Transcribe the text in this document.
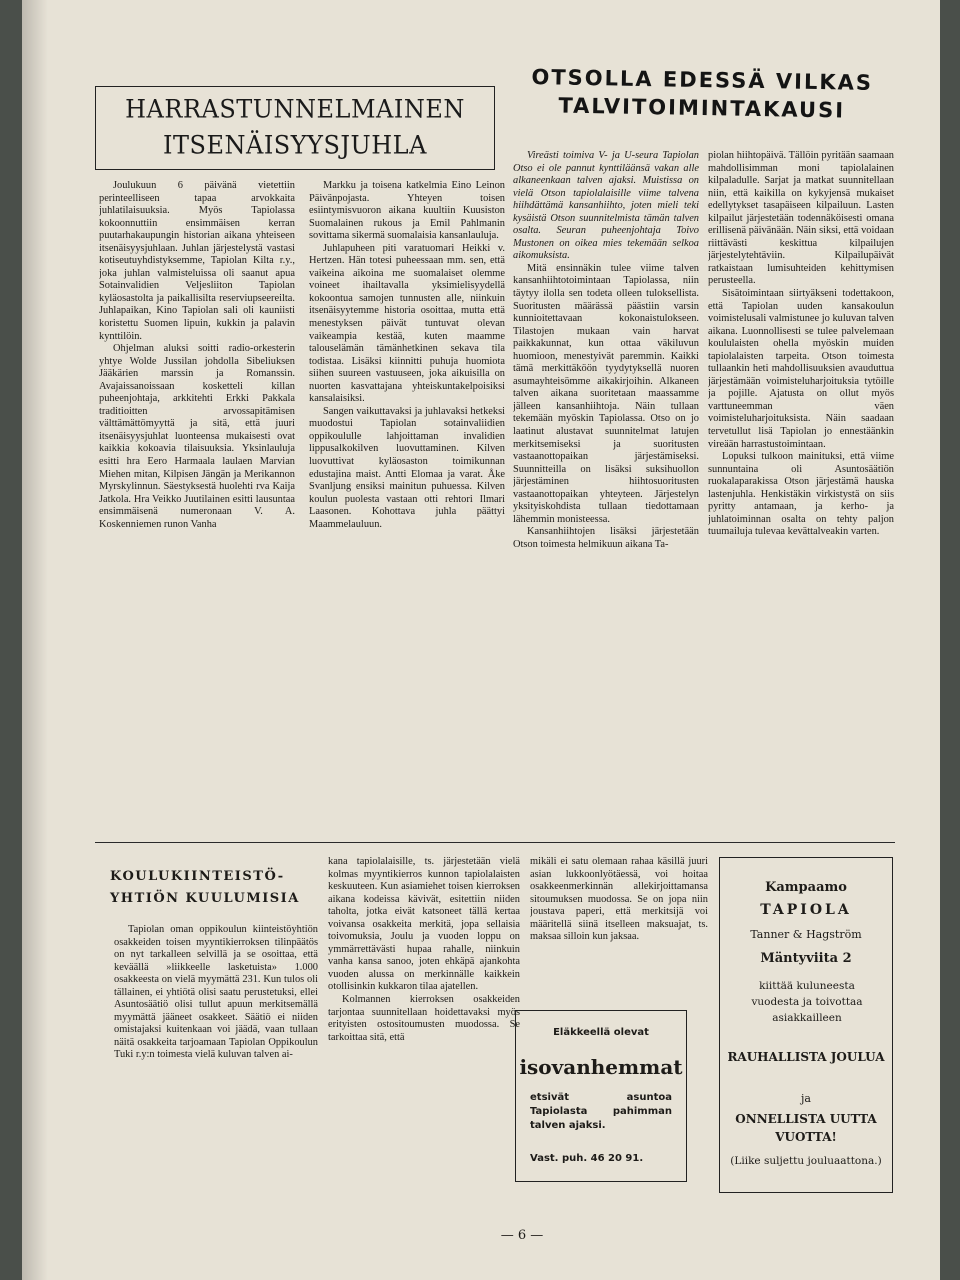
HARRASTUNNELMAINEN
ITSENÄISYYSJUHLA

Joulukuun 6 päivänä vietettiin perinteelliseen tapaa arvokkaita juhlatilaisuuksia. Myös Tapiolassa kokoonnuttiin ensimmäisen kerran puutarhakaupungin historian aikana yhteiseen itsenäisyysjuhlaan. Juhlan järjestelystä vastasi kotiseutuyhdistyksemme, Tapiolan Kilta r.y., joka juhlan valmisteluissa oli saanut apua Sotainvalidien Veljesliiton Tapiolan kyläosastolta ja paikallisilta reserviupseereilta. Juhlapaikan, Kino Tapiolan sali oli kauniisti koristettu Suomen lipuin, kukkin ja palavin kynttilöin.

Ohjelman aluksi soitti radio-orkesterin yhtye Wolde Jussilan johdolla Sibeliuksen Jääkärien marssin ja Romanssin. Avajaissanoissaan kosketteli killan puheenjohtaja, arkkitehti Erkki Pakkala traditioitten arvossapitämisen välttämättömyyttä ja sitä, että juuri itsenäisyysjuhlat luonteensa mukaisesti ovat kaikkia kokoavia tilaisuuksia. Yksinlauluja esitti hra Eero Harmaala laulaen Marvian Miehen mitan, Kilpisen Jängän ja Merikannon Myrskylinnun. Säestyksestä huolehti rva Kaija Jatkola. Hra Veikko Juutilainen esitti lausuntaa ensimmäisenä numeronaan V. A. Koskenniemen runon Vanha

Markku ja toisena katkelmia Eino Leinon Päivänpojasta. Yhteyen toisen esiintymisvuoron aikana kuultiin Kuusiston Suomalainen rukous ja Emil Pahlmanin sovittama sikermä suomalaisia kansanlauluja.

Juhlapuheen piti varatuomari Heikki v. Hertzen. Hän totesi puheessaan mm. sen, että vaikeina aikoina me suomalaiset olemme voineet ihailtavalla yksimielisyydellä kokoontua samojen tunnusten alle, niinkuin itsenäisyytemme historia osoittaa, mutta että menestyksen päivät tuntuvat olevan vaikeampia kestää, kuten maamme talouselämän tämänhetkinen sekava tila todistaa. Lisäksi kiinnitti puhuja huomiota siihen suureen vastuuseen, joka aikuisilla on nuorten kasvattajana yhteiskuntakelpoisiksi kansalaisiksi.

Sangen vaikuttavaksi ja juhlavaksi hetkeksi muodostui Tapiolan sotainvaliidien oppikoululle lahjoittaman invalidien lippusalkokilven luovuttaminen. Kilven luovuttivat kyläosaston toimikunnan edustajina maist. Antti Elomaa ja varat. Åke Svanljung ensiksi mainitun puhuessa. Kilven koulun puolesta vastaan otti rehtori Ilmari Laasonen. Kohottava juhla päättyi Maammelauluun.

OTSOLLA EDESSÄ VILKAS
TALVITOIMINTAKAUSI

Vireästi toimiva V- ja U-seura Tapiolan Otso ei ole pannut kynttiläänsä vakan alle alkaneenkaan talven ajaksi. Muistissa on vielä Otson tapiolalaisille viime talvena hiihdättämä kansanhiihto, joten mieli teki kysäistä Otson suunnitelmista tämän talven osalta. Seuran puheenjohtaja Toivo Mustonen on oikea mies tekemään selkoa aikomuksista.

Mitä ensinnäkin tulee viime talven kansanhiihtotoimintaan Tapiolassa, niin täytyy ilolla sen todeta olleen tuloksellista. Suoritusten määrässä päästiin varsin kunnioitettavaan kokonaistulokseen. Tilastojen mukaan vain harvat paikkakunnat, kun ottaa väkiluvun huomioon, menestyivät paremmin. Kaikki tämä merkittäköön tyydytyksellä nuoren asumayhteisömme aikakirjoihin. Alkaneen talven aikana suoritetaan maassamme jälleen kansanhiihtoja. Näin tullaan tekemään myöskin Tapiolassa. Otso on jo laatinut alustavat suunnitelmat latujen merkitsemiseksi ja suoritusten vastaanottopaikan järjestämiseksi. Suunnitteilla on lisäksi suksihuollon järjestäminen hiihtosuoritusten vastaanottopaikan yhteyteen. Järjestelyn yksityiskohdista tullaan tiedottamaan lähemmin monisteessa.

Kansanhiihtojen lisäksi järjestetään Otson toimesta helmikuun aikana Ta-

piolan hiihtopäivä. Tällöin pyritään saamaan mahdollisimman moni tapiolalainen kilpaladulle. Sarjat ja matkat suunnitellaan niin, että kaikilla on kykyjensä mukaiset edellytykset tasapäiseen kilpailuun. Lasten kilpailut järjestetään todennäköisesti omana erillisenä päivänään. Näin siksi, että voidaan riittävästi keskittua kilpailujen järjestelytehtäviin. Kilpailupäivät ratkaistaan lumisuhteiden kehittymisen perusteella.

Sisätoimintaan siirtyäkseni todettakoon, että Tapiolan uuden kansakoulun voimistelusali valmistunee jo kuluvan talven aikana. Luonnollisesti se tulee palvelemaan koululaisten ohella myöskin muiden tapiolalaisten tarpeita. Otson toimesta tullaankin heti mahdollisuuksien avauduttua järjestämään voimisteluharjoituksia tytöille ja pojille. Ajatusta on ollut myös varttuneemman väen voimisteluharjoituksista. Näin saadaan tervetullut lisä Tapiolan jo ennestäänkin vireään harrastustoimintaan.

Lopuksi tulkoon mainituksi, että viime sunnuntaina oli Asuntosäätiön ruokalaparakissa Otson järjestämä hauska lastenjuhla. Henkistäkin virkistystä on siis pyritty antamaan, ja kerho- ja juhlatoiminnan osalta on tehty paljon tuumailuja tulevaa kevättalveakin varten.

KOULUKIINTEISTÖ-
YHTIÖN KUULUMISIA

Tapiolan oman oppikoulun kiinteistöyhtiön osakkeiden toisen myyntikierroksen tilinpäätös on nyt tarkalleen selvillä ja se osoittaa, että keväällä »liikkeelle lasketuista» 1.000 osakkeesta on vielä myymättä 231. Kun tulos oli tällainen, ei yhtiötä olisi saatu perustetuksi, ellei Asuntosäätiö olisi tullut apuun merkitsemällä myymättä jääneet osakkeet. Säätiö ei niiden omistajaksi kuitenkaan voi jäädä, vaan tullaan näitä osakkeita tarjoamaan Tapiolan Oppikoulun Tuki r.y:n toimesta vielä kuluvan talven ai-

kana tapiolalaisille, ts. järjestetään vielä kolmas myyntikierros kunnon tapiolalaisten keskuuteen. Kun asiamiehet toisen kierroksen aikana kodeissa kävivät, esitettiin niiden taholta, jotka eivät katsoneet tällä kertaa voivansa osakkeita merkitä, jopa sellaisia toivomuksia, Joulu ja vuoden loppu on ymmärrettävästi hupaa rahalle, niinkuin vanha kansa sanoo, joten ehkäpä ajankohta vuoden alussa on merkinnälle kaikkein otollisinkin kukkaron tilaa ajatellen.

Kolmannen kierroksen osakkeiden tarjontaa suunnitellaan hoidettavaksi myös erityisten ostositoumusten muodossa. Se tarkoittaa sitä, että

mikäli ei satu olemaan rahaa käsillä juuri asian lukkoonlyötäessä, voi hoitaa osakkeenmerkinnän allekirjoittamansa sitoumuksen muodossa. Se on jopa niin joustava paperi, että merkitsijä voi määritellä siinä itselleen maksuajat, ts. maksaa silloin kun jaksaa.

Eläkkeellä olevat
isovanhemmat
etsivät asuntoa Tapiolasta pahimman talven ajaksi.
Vast. puh. 46 20 91.
Kampaamo
TAPIOLA
Tanner & Hagström
Mäntyviita 2
kiittää kuluneesta vuodesta ja toivottaa asiakkailleen
RAUHALLISTA JOULUA
ja
ONNELLISTA UUTTA VUOTTA!
(Liike suljettu jouluaattona.)
— 6 —
